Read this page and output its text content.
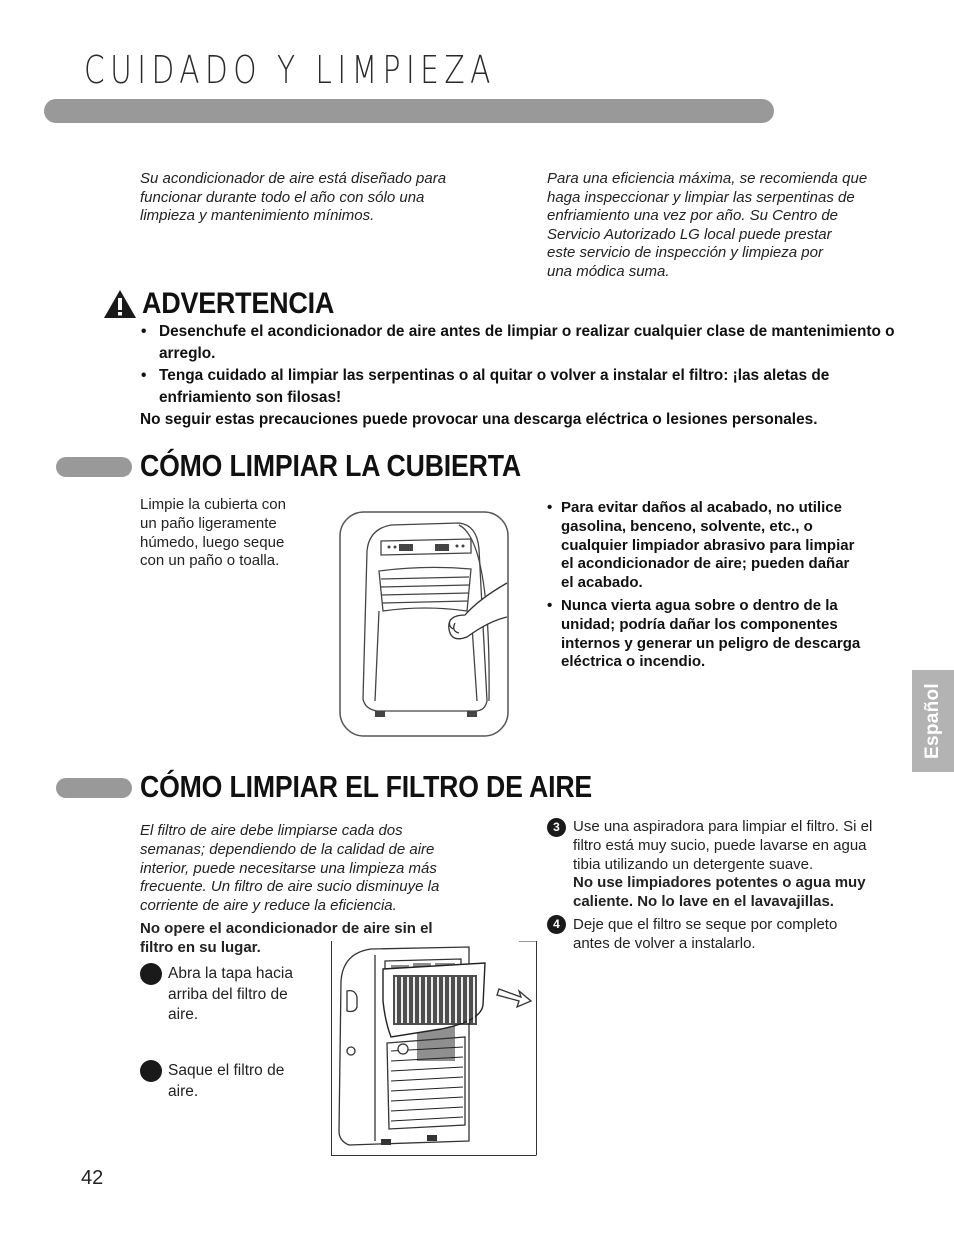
CUIDADO Y LIMPIEZA

Su acondicionador de aire está diseñado para

funcionar durante todo el año con sólo una

limpieza y mantenimiento mínimos.

Para una eficiencia máxima, se recomienda que

haga inspeccionar y limpiar las serpentinas de

enfriamiento una vez por año. Su Centro de

Servicio Autorizado LG local puede prestar

este servicio de inspección y limpieza por

una módica suma.

ADVERTENCIA
• Desenchufe el acondicionador de aire antes de limpiar o realizar cualquier clase de mantenimiento o arreglo.
• Tenga cuidado al limpiar las serpentinas o al quitar o volver a instalar el filtro: ¡las aletas de enfriamiento son filosas!

No seguir estas precauciones puede provocar una descarga eléctrica o lesiones personales.

CÓMO LIMPIAR LA CUBIERTA

Limpie la cubierta con

un paño ligeramente

húmedo, luego seque

con un paño o toalla.

• Para evitar daños al acabado, no utilice
gasolina, benceno, solvente, etc., o
cualquier limpiador abrasivo para limpiar
el acondicionador de aire; pueden dañar
el acabado.
• Nunca vierta agua sobre o dentro de la
unidad; podría dañar los componentes
internos y generar un peligro de descarga
eléctrica o incendio.
CÓMO LIMPIAR EL FILTRO DE AIRE

El filtro de aire debe limpiarse cada dos

semanas; dependiendo de la calidad de aire

interior, puede necesitarse una limpieza más

frecuente. Un filtro de aire sucio disminuye la

corriente de aire y reduce la eficiencia.

No opere el acondicionador de aire sin el

filtro en su lugar.

Abra la tapa hacia

arriba del filtro de

aire.

Saque el filtro de

aire.

3 Use una aspiradora para limpiar el filtro. Si el

filtro está muy sucio, puede lavarse en agua

tibia utilizando un detergente suave.

No use limpiadores potentes o agua muy

caliente. No lo lave en el lavavajillas.

4 Deje que el filtro se seque por completo

antes de volver a instalarlo.

Español
42
